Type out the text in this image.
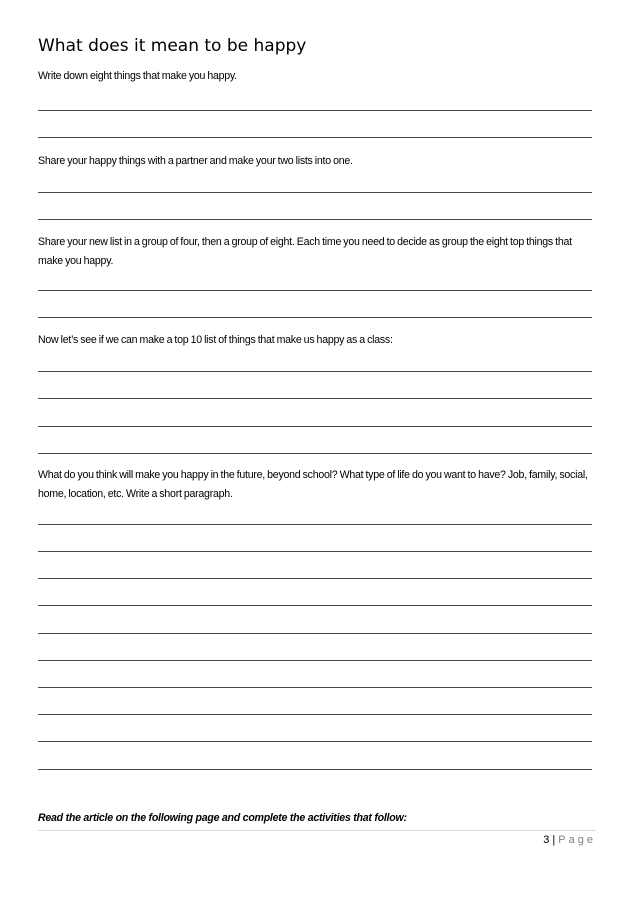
What does it mean to be happy
Write down eight things that make you happy.
Share your happy things with a partner and make your two lists into one.
Share your new list in a group of four, then a group of eight. Each time you need to decide as group the eight top things that make you happy.
Now let’s see if we can make a top 10 list of things that make us happy as a class:
What do you think will make you happy in the future, beyond school? What type of life do you want to have? Job, family, social, home, location, etc. Write a short paragraph.
Read the article on the following page and complete the activities that follow:
3 | Page
